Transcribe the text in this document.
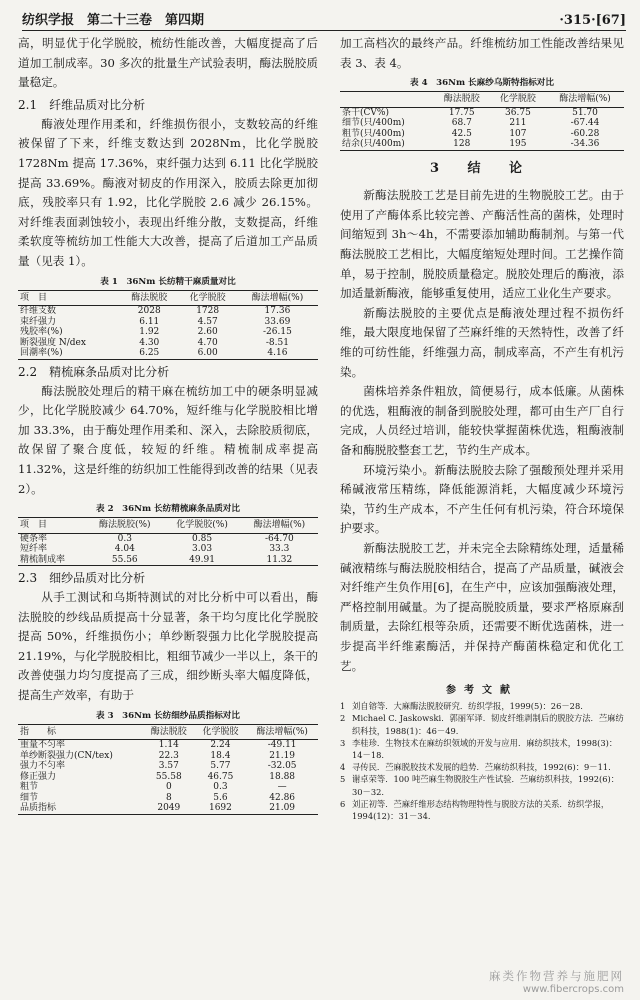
纺织学报　第二十三卷　第四期	·315·[67]

高，明显优于化学脱胶，梳纺性能改善，大幅度提高了后道加工制成率。30 多次的批量生产试验表明，酶法脱胶质量稳定。

2.1　纤维品质对比分析

酶液处理作用柔和，纤维损伤很小，支数较高的纤维被保留了下来，纤维支数达到 2028Nm，比化学脱胶 1728Nm 提高 17.36%，束纤强力达到 6.11 比化学脱胶提高 33.69%。酶液对韧皮的作用深入，胶质去除更加彻底，残胶率只有 1.92，比化学脱胶 2.6 减少 26.15%。对纤维表面剥蚀较小，表现出纤维分散，支数提高，纤维柔软度等梳纺加工性能大大改善，提高了后道加工产品质量（见表 1）。

表 1　36Nm 长纺精干麻质量对比
项　目	酶法脱胶	化学脱胶	酶法增幅(%)
纤维支数	2028	1728	17.36
束纤强力	6.11	4.57	33.69
残胶率(%)	1.92	2.60	-26.15
断裂强度 N/dex	4.30	4.70	-8.51
回潮率(%)	6.25	6.00	4.16
2.2　精梳麻条品质对比分析

酶法脱胶处理后的精干麻在梳纺加工中的硬条明显减少，比化学脱胶减少 64.70%，短纤维与化学脱胶相比增加 33.3%，由于酶处理作用柔和、深入，去除胶质彻底，故保留了聚合度低，较短的纤维。精梳制成率提高 11.32%，这是纤维的纺织加工性能得到改善的结果（见表 2）。

表 2　36Nm 长纺精梳麻条品质对比
项　目	酶法脱胶(%)	化学脱胶(%)	酶法增幅(%)
硬条率	0.3	0.85	-64.70
短纤率	4.04	3.03	33.3
精梳制成率	55.56	49.91	11.32
2.3　细纱品质对比分析

从手工测试和乌斯特测试的对比分析中可以看出，酶法脱胶的纱线品质提高十分显著，条干均匀度比化学脱胶提高 50%，纤维损伤小；单纱断裂强力比化学脱胶提高 21.19%，与化学脱胶相比，粗细节减少一半以上，条干的改善使强力均匀度提高了三成，细纱断头率大幅度降低，提高生产效率，有助于

表 3　36Nm 长纺细纱品质指标对比
指　　标	酶法脱胶	化学脱胶	酶法增幅(%)
重量不匀率	1.14	2.24	-49.11
单纱断裂强力(CN/tex)	22.3	18.4	21.19
强力不匀率	3.57	5.77	-32.05
修正强力	55.58	46.75	18.88
粗节	0	0.3	—
细节	8	5.6	42.86
品质指标	2049	1692	21.09

加工高档次的最终产品。纤维梳纺加工性能改善结果见表 3、表 4。

表 4　36Nm 长麻纱乌斯特指标对比
	酶法脱胶	化学脱胶	酶法增幅(%)
条干(CV%)	17.75	36.75	51.70
细节(只/400m)	68.7	211	-67.44
粗节(只/400m)	42.5	107	-60.28
结余(只/400m)	128	195	-34.36
3 结 论

新酶法脱胶工艺是目前先进的生物脱胶工艺。由于使用了产酶体系比较完善、产酶活性高的菌株，处理时间缩短到 3h～4h，不需要添加辅助酶制剂。与第一代酶法脱胶工艺相比，大幅度缩短处理时间。工艺操作简单，易于控制，脱胶质量稳定。脱胶处理后的酶液，添加适量新酶液，能够重复使用，适应工业化生产要求。

新酶法脱胶的主要优点是酶液处理过程不损伤纤维，最大限度地保留了苎麻纤维的天然特性，改善了纤维的可纺性能，纤维强力高，制成率高，不产生有机污染。

菌株培养条件粗放，简便易行，成本低廉。从菌株的优选，粗酶液的制备到脱胶处理，都可由生产厂自行完成，人员经过培训，能较快掌握菌株优选，粗酶液制备和酶脱胶整套工艺，节约生产成本。

环境污染小。新酶法脱胶去除了强酸预处理并采用稀碱液常压精练，降低能源消耗，大幅度减少环境污染，节约生产成本，不产生任何有机污染，符合环境保护要求。

新酶法脱胶工艺，并未完全去除精练处理，适量稀碱液精练与酶法脱胶相结合，提高了产品质量，碱液会对纤维产生负作用[6]，在生产中，应该加强酶液处理，严格控制用碱量。为了提高脱胶质量，要求严格原麻刮制质量，去除红根等杂质，还需要不断优选菌株，进一步提高半纤维素酶活，并保持产酶菌株稳定和优化工艺。

参考文献
1 刘自镕等．大麻酶法脱胶研究．纺织学报，1999(5)：26－28.
2 Michael C. Jaskowski．郭丽军译．韧皮纤维剥制后的脱胶方法．苎麻纺织科技，1988(1)：46－49.
3 李桂珍．生物技术在麻纺织领域的开发与应用．麻纺织技术，1998(3)：14－18.
4 寻传民．苎麻脱胶技术发展的趋势．苎麻纺织科技，1992(6)：9－11.
5 谢卓荣等．100 吨苎麻生物脱胶生产性试验．苎麻纺织科技，1992(6)：30－32.
6 刘正初等．苎麻纤维形态结构物理特性与脱胶方法的关系．纺织学报，1994(12)：31－34.
麻类作物营养与施肥网
www.fibercrops.com
